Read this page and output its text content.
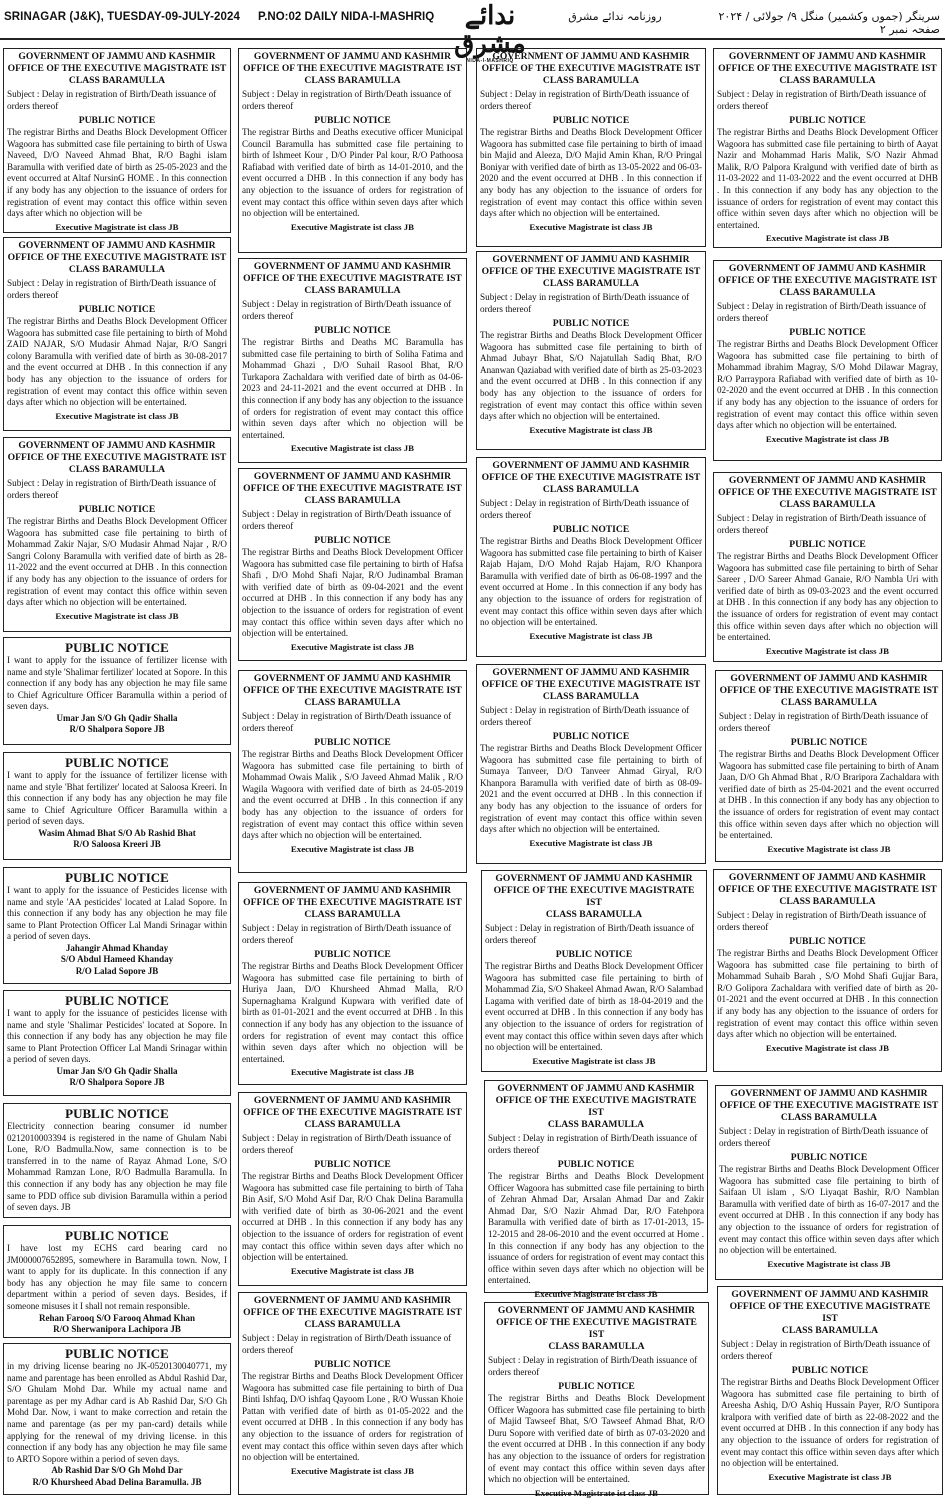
SRINAGAR (J&K), TUESDAY-09-JULY-2024 P.NO:02 DAILY NIDA-I-MASHRIQ	ندائے مشرق
NIDA-I-MASHRIQ
روزنامہ ندائے مشرق	سرینگر (جموں وکشمیر) منگل ۹/ جولائی / ۲۰۲۴ صفحہ نمبر ۲
GOVERNMENT OF JAMMU AND KASHMIR
OFFICE OF THE EXECUTIVE MAGISTRATE IST
CLASS BARAMULLA
Subject : Delay in registration of Birth/Death issuance of orders thereof
PUBLIC NOTICE
The registrar Births and Deaths Block Development Officer Wagoora has submitted case file pertaining to birth of Uswa Naveed, D/O Naveed Ahmad Bhat, R/O Baghi islam Baramulla with verified date of birth as 25-05-2023 and the event occurred at Altaf NursinG HOME . In this connection if any body has any objection to the issuance of orders for registration of event may contact this office within seven days after which no objection will be
Executive Magistrate ist class JB
GOVERNMENT OF JAMMU AND KASHMIR
OFFICE OF THE EXECUTIVE MAGISTRATE IST
CLASS BARAMULLA
Subject : Delay in registration of Birth/Death issuance of orders thereof
PUBLIC NOTICE
The registrar Births and Deaths Block Development Officer Wagoora has submitted case file pertaining to birth of Mohd ZAID NAJAR, S/O Mudasir Ahmad Najar, R/O Sangri colony Baramulla with verified date of birth as 30-08-2017 and the event occurred at DHB . In this connection if any body has any objection to the issuance of orders for registration of event may contact this office within seven days after which no objection will be entertained.
Executive Magistrate ist class JB
GOVERNMENT OF JAMMU AND KASHMIR
OFFICE OF THE EXECUTIVE MAGISTRATE IST
CLASS BARAMULLA
Subject : Delay in registration of Birth/Death issuance of orders thereof
PUBLIC NOTICE
The registrar Births and Deaths Block Development Officer Wagoora has submitted case file pertaining to birth of Mohammad Zakir Najar, S/O Mudasir Ahmad Najar , R/O Sangri Colony Baramulla with verified date of birth as 28-11-2022 and the event occurred at DHB . In this connection if any body has any objection to the issuance of orders for registration of event may contact this office within seven days after which no objection will be entertained.
Executive Magistrate ist class JB
PUBLIC NOTICE
I want to apply for the issuance of fertilizer license with name and style 'Shalimar fertilizer' located at Sopore. In this connection if any body has any objection he may file same to Chief Agriculture Officer Baramulla within a period of seven days.
Umar Jan S/O Gh Qadir Shalla
R/O Shalpora Sopore JB
PUBLIC NOTICE
I want to apply for the issuance of fertilizer license with name and style 'Bhat fertilizer' located at Saloosa Kreeri. In this connection if any body has any objection he may file same to Chief Agriculture Officer Baramulla within a period of seven days.
Wasim Ahmad Bhat S/O Ab Rashid Bhat
R/O Saloosa Kreeri JB
PUBLIC NOTICE
I want to apply for the issuance of Pesticides license with name and style 'AA pesticides' located at Lalad Sopore. In this connection if any body has any objection he may file same to Plant Protection Officer Lal Mandi Srinagar within a period of seven days.
Jahangir Ahmad Khanday
S/O Abdul Hameed Khanday
R/O Lalad Sopore JB
PUBLIC NOTICE
I want to apply for the issuance of pesticides license with name and style 'Shalimar Pesticides' located at Sopore. In this connection if any body has any objection he may file same to Plant Protection Officer Lal Mandi Srinagar within a period of seven days.
Umar Jan S/O Gh Qadir Shalla
R/O Shalpora Sopore JB
PUBLIC NOTICE
Electricity connection bearing consumer id number 0212010003394 is registered in the name of Ghulam Nabi Lone, R/O Badmulla.Now, same connection is to be transferred in to the name of Rayaz Ahmad Lone, S/O Mohammad Ramzan Lone, R/O Badmulla Baramulla. In this connection if any body has any objection he may file same to PDD office sub division Baramulla within a period of seven days. JB
PUBLIC NOTICE
I have lost my ECHS card bearing card no JM000007652895, somewhere in Baramulla town. Now, I want to apply for its duplicate. In this connection if any body has any objection he may file same to concern department within a period of seven days. Besides, if someone misuses it I shall not remain responsible.
Rehan Farooq S/O Farooq Ahmad Khan
R/O Sherwanipora Lachipora JB
PUBLIC NOTICE
in my driving license bearing no JK-0520130040771, my name and parentage has been enrolled as Abdul Rashid Dar, S/O Ghulam Mohd Dar. While my actual name and parentage as per my Adhar card is Ab Rashid Dar, S/O Gh Mohd Dar. Now, i want to make correction and retain the name and parentage (as per my pan-card) details while applying for the renewal of my driving license. in this connection if any body has any objection he may file same to ARTO Sopore within a period of seven days.
Ab Rashid Dar S/O Gh Mohd Dar
R/O Khursheed Abad Delina Baramulla. JB
GOVERNMENT OF JAMMU AND KASHMIR
OFFICE OF THE EXECUTIVE MAGISTRATE IST
CLASS BARAMULLA
Subject : Delay in registration of Birth/Death issuance of orders thereof
PUBLIC NOTICE
The registrar Births and Deaths executive officer Municipal Council Baramulla has submitted case file pertaining to birth of Ishmeet Kour , D/O Pinder Pal kour, R/O Pathoosa Rafiabad with verified date of birth as 14-01-2010, and the event occurred a DHB . In this connection if any body has any objection to the issuance of orders for registration of event may contact this office within seven days after which no objection will be entertained.
Executive Magistrate ist class JB
GOVERNMENT OF JAMMU AND KASHMIR
OFFICE OF THE EXECUTIVE MAGISTRATE IST
CLASS BARAMULLA
Subject : Delay in registration of Birth/Death issuance of orders thereof
PUBLIC NOTICE
The registrar Births and Deaths MC Baramulla has submitted case file pertaining to birth of Soliha Fatima and Mohammad Ghazi , D/O Suhail Rasool Bhat, R/O Turkapora Zachaldara with verified date of birth as 04-06-2023 and 24-11-2021 and the event occurred at DHB . In this connection if any body has any objection to the issuance of orders for registration of event may contact this office within seven days after which no objection will be entertained.
Executive Magistrate ist class JB
GOVERNMENT OF JAMMU AND KASHMIR
OFFICE OF THE EXECUTIVE MAGISTRATE IST
CLASS BARAMULLA
Subject : Delay in registration of Birth/Death issuance of orders thereof
PUBLIC NOTICE
The registrar Births and Deaths Block Development Officer Wagoora has submitted case file pertaining to birth of Hafsa Shafi , D/O Mohd Shafi Najar, R/O Judinambal Braman with verified date of birth as 09-04-2021 and the event occurred at DHB . In this connection if any body has any objection to the issuance of orders for registration of event may contact this office within seven days after which no objection will be entertained.
Executive Magistrate ist class JB
GOVERNMENT OF JAMMU AND KASHMIR
OFFICE OF THE EXECUTIVE MAGISTRATE IST
CLASS BARAMULLA
Subject : Delay in registration of Birth/Death issuance of orders thereof
PUBLIC NOTICE
The registrar Births and Deaths Block Development Officer Wagoora has submitted case file pertaining to birth of Mohammad Owais Malik , S/O Javeed Ahmad Malik , R/O Wagila Wagoora with verified date of birth as 24-05-2019 and the event occurred at DHB . In this connection if any body has any objection to the issuance of orders for registration of event may contact this office within seven days after which no objection will be entertained.
Executive Magistrate ist class JB
GOVERNMENT OF JAMMU AND KASHMIR
OFFICE OF THE EXECUTIVE MAGISTRATE IST
CLASS BARAMULLA
Subject : Delay in registration of Birth/Death issuance of orders thereof
PUBLIC NOTICE
The registrar Births and Deaths Block Development Officer Wagoora has submitted case file pertaining to birth of Huriya Jaan, D/O Khursheed Ahmad Malla, R/O Supernaghama Kralgund Kupwara with verified date of birth as 01-01-2021 and the event occurred at DHB . In this connection if any body has any objection to the issuance of orders for registration of event may contact this office within seven days after which no objection will be entertained.
Executive Magistrate ist class JB
GOVERNMENT OF JAMMU AND KASHMIR
OFFICE OF THE EXECUTIVE MAGISTRATE IST
CLASS BARAMULLA
Subject : Delay in registration of Birth/Death issuance of orders thereof
PUBLIC NOTICE
The registrar Births and Deaths Block Development Officer Wagoora has submitted case file pertaining to birth of Taha Bin Asif, S/O Mohd Asif Dar, R/O Chak Delina Baramulla with verified date of birth as 30-06-2021 and the event occurred at DHB . In this connection if any body has any objection to the issuance of orders for registration of event may contact this office within seven days after which no objection will be entertained.
Executive Magistrate ist class JB
GOVERNMENT OF JAMMU AND KASHMIR
OFFICE OF THE EXECUTIVE MAGISTRATE IST
CLASS BARAMULLA
Subject : Delay in registration of Birth/Death issuance of orders thereof
PUBLIC NOTICE
The registrar Births and Deaths Block Development Officer Wagoora has submitted case file pertaining to birth of Dua Binti Ishfaq, D/O ishfaq Qayoom Lone , R/O Wussan Khoie Pattan with verified date of birth as 01-05-2022 and the event occurred at DHB . In this connection if any body has any objection to the issuance of orders for registration of event may contact this office within seven days after which no objection will be entertained.
Executive Magistrate ist class JB
GOVERNMENT OF JAMMU AND KASHMIR
OFFICE OF THE EXECUTIVE MAGISTRATE IST
CLASS BARAMULLA
Subject : Delay in registration of Birth/Death issuance of orders thereof
PUBLIC NOTICE
The registrar Births and Deaths Block Development Officer Wagoora has submitted case file pertaining to birth of imaad bin Majid and Aleeza, D/O Majid Amin Khan, R/O Pringal Boniyar with verified date of birth as 13-05-2022 and 06-03-2020 and the event occurred at DHB . In this connection if any body has any objection to the issuance of orders for registration of event may contact this office within seven days after which no objection will be entertained.
Executive Magistrate ist class JB
GOVERNMENT OF JAMMU AND KASHMIR
OFFICE OF THE EXECUTIVE MAGISTRATE IST
CLASS BARAMULLA
Subject : Delay in registration of Birth/Death issuance of orders thereof
PUBLIC NOTICE
The registrar Births and Deaths Block Development Officer Wagoora has submitted case file pertaining to birth of Ahmad Jubayr Bhat, S/O Najatullah Sadiq Bhat, R/O Ananwan Qaziabad with verified date of birth as 25-03-2023 and the event occurred at DHB . In this connection if any body has any objection to the issuance of orders for registration of event may contact this office within seven days after which no objection will be entertained.
Executive Magistrate ist class JB
GOVERNMENT OF JAMMU AND KASHMIR
OFFICE OF THE EXECUTIVE MAGISTRATE IST
CLASS BARAMULLA
Subject : Delay in registration of Birth/Death issuance of orders thereof
PUBLIC NOTICE
The registrar Births and Deaths Block Development Officer Wagoora has submitted case file pertaining to birth of Kaiser Rajab Hajam, D/O Mohd Rajab Hajam, R/O Khanpora Baramulla with verified date of birth as 06-08-1997 and the event occurred at Home . In this connection if any body has any objection to the issuance of orders for registration of event may contact this office within seven days after which no objection will be entertained.
Executive Magistrate ist class JB
GOVERNMENT OF JAMMU AND KASHMIR
OFFICE OF THE EXECUTIVE MAGISTRATE IST
CLASS BARAMULLA
Subject : Delay in registration of Birth/Death issuance of orders thereof
PUBLIC NOTICE
The registrar Births and Deaths Block Development Officer Wagoora has submitted case file pertaining to birth of Sumaya Tanveer, D/O Tanveer Ahmad Giryal, R/O Khanpora Baramulla with verified date of birth as 08-09-2021 and the event occurred at DHB . In this connection if any body has any objection to the issuance of orders for registration of event may contact this office within seven days after which no objection will be entertained.
Executive Magistrate ist class JB
GOVERNMENT OF JAMMU AND KASHMIR
OFFICE OF THE EXECUTIVE MAGISTRATE IST
CLASS BARAMULLA
Subject : Delay in registration of Birth/Death issuance of orders thereof
PUBLIC NOTICE
The registrar Births and Deaths Block Development Officer Wagoora has submitted case file pertaining to birth of Mohammad Zia, S/O Shakeel Ahmad Awan, R/O Salambad Lagama with verified date of birth as 18-04-2019 and the event occurred at DHB . In this connection if any body has any objection to the issuance of orders for registration of event may contact this office within seven days after which no objection will be entertained.
Executive Magistrate ist class JB
GOVERNMENT OF JAMMU AND KASHMIR
OFFICE OF THE EXECUTIVE MAGISTRATE IST
CLASS BARAMULLA
Subject : Delay in registration of Birth/Death issuance of orders thereof
PUBLIC NOTICE
The registrar Births and Deaths Block Development Officer Wagoora has submitted case file pertaining to birth of Zehran Ahmad Dar, Arsalan Ahmad Dar and Zakir Ahmad Dar, S/O Nazir Ahmad Dar, R/O Fatehpora Baramulla with verified date of birth as 17-01-2013, 15-12-2015 and 28-06-2010 and the event occurred at Home . In this connection if any body has any objection to the issuance of orders for registration of event may contact this office within seven days after which no objection will be entertained.
Executive Magistrate ist class JB
GOVERNMENT OF JAMMU AND KASHMIR
OFFICE OF THE EXECUTIVE MAGISTRATE IST
CLASS BARAMULLA
Subject : Delay in registration of Birth/Death issuance of orders thereof
PUBLIC NOTICE
The registrar Births and Deaths Block Development Officer Wagoora has submitted case file pertaining to birth of Majid Tawseef Bhat, S/O Tawseef Ahmad Bhat, R/O Duru Sopore with verified date of birth as 07-03-2020 and the event occurred at DHB . In this connection if any body has any objection to the issuance of orders for registration of event may contact this office within seven days after which no objection will be entertained.
Executive Magistrate ist class JB
GOVERNMENT OF JAMMU AND KASHMIR
OFFICE OF THE EXECUTIVE MAGISTRATE IST
CLASS BARAMULLA
Subject : Delay in registration of Birth/Death issuance of orders thereof
PUBLIC NOTICE
The registrar Births and Deaths Block Development Officer Wagoora has submitted case file pertaining to birth of Aayat Nazir and Mohammad Haris Malik, S/O Nazir Ahmad Malik, R/O Palpora Kralgund with verified date of birth as 11-03-2022 and 11-03-2022 and the event occurred at DHB . In this connection if any body has any objection to the issuance of orders for registration of event may contact this office within seven days after which no objection will be entertained.
Executive Magistrate ist class JB
GOVERNMENT OF JAMMU AND KASHMIR
OFFICE OF THE EXECUTIVE MAGISTRATE IST
CLASS BARAMULLA
Subject : Delay in registration of Birth/Death issuance of orders thereof
PUBLIC NOTICE
The registrar Births and Deaths Block Development Officer Wagoora has submitted case file pertaining to birth of Mohammad ibrahim Magray, S/O Mohd Dilawar Magray, R/O Parraypora Rafiabad with verified date of birth as 10-02-2020 and the event occurred at DHB . In this connection if any body has any objection to the issuance of orders for registration of event may contact this office within seven days after which no objection will be entertained.
Executive Magistrate ist class JB
GOVERNMENT OF JAMMU AND KASHMIR
OFFICE OF THE EXECUTIVE MAGISTRATE IST
CLASS BARAMULLA
Subject : Delay in registration of Birth/Death issuance of orders thereof
PUBLIC NOTICE
The registrar Births and Deaths Block Development Officer Wagoora has submitted case file pertaining to birth of Sehar Sareer , D/O Sareer Ahmad Ganaie, R/O Nambla Uri with verified date of birth as 09-03-2023 and the event occurred at DHB . In this connection if any body has any objection to the issuance of orders for registration of event may contact this office within seven days after which no objection will be entertained.
Executive Magistrate ist class JB
GOVERNMENT OF JAMMU AND KASHMIR
OFFICE OF THE EXECUTIVE MAGISTRATE IST
CLASS BARAMULLA
Subject : Delay in registration of Birth/Death issuance of orders thereof
PUBLIC NOTICE
The registrar Births and Deaths Block Development Officer Wagoora has submitted case file pertaining to birth of Anam Jaan, D/O Gh Ahmad Bhat , R/O Braripora Zachaldara with verified date of birth as 25-04-2021 and the event occurred at DHB . In this connection if any body has any objection to the issuance of orders for registration of event may contact this office within seven days after which no objection will be entertained.
Executive Magistrate ist class JB
GOVERNMENT OF JAMMU AND KASHMIR
OFFICE OF THE EXECUTIVE MAGISTRATE IST
CLASS BARAMULLA
Subject : Delay in registration of Birth/Death issuance of orders thereof
PUBLIC NOTICE
The registrar Births and Deaths Block Development Officer Wagoora has submitted case file pertaining to birth of Mohammad Suhaib Barah , S/O Mohd Shafi Gujjar Bara, R/O Golipora Zachaldara with verified date of birth as 20-01-2021 and the event occurred at DHB . In this connection if any body has any objection to the issuance of orders for registration of event may contact this office within seven days after which no objection will be entertained.
Executive Magistrate ist class JB
GOVERNMENT OF JAMMU AND KASHMIR
OFFICE OF THE EXECUTIVE MAGISTRATE IST
CLASS BARAMULLA
Subject : Delay in registration of Birth/Death issuance of orders thereof
PUBLIC NOTICE
The registrar Births and Deaths Block Development Officer Wagoora has submitted case file pertaining to birth of Saifaan Ul islam , S/O Liyaqat Bashir, R/O Namblan Baramulla with verified date of birth as 16-07-2017 and the event occurred at DHB . In this connection if any body has any objection to the issuance of orders for registration of event may contact this office within seven days after which no objection will be entertained.
Executive Magistrate ist class JB
GOVERNMENT OF JAMMU AND KASHMIR
OFFICE OF THE EXECUTIVE MAGISTRATE IST
CLASS BARAMULLA
Subject : Delay in registration of Birth/Death issuance of orders thereof
PUBLIC NOTICE
The registrar Births and Deaths Block Development Officer Wagoora has submitted case file pertaining to birth of Areesha Ashiq, D/O Ashiq Hussain Payer, R/O Suntipora kralpora with verified date of birth as 22-08-2022 and the event occurred at DHB . In this connection if any body has any objection to the issuance of orders for registration of event may contact this office within seven days after which no objection will be entertained.
Executive Magistrate ist class JB
